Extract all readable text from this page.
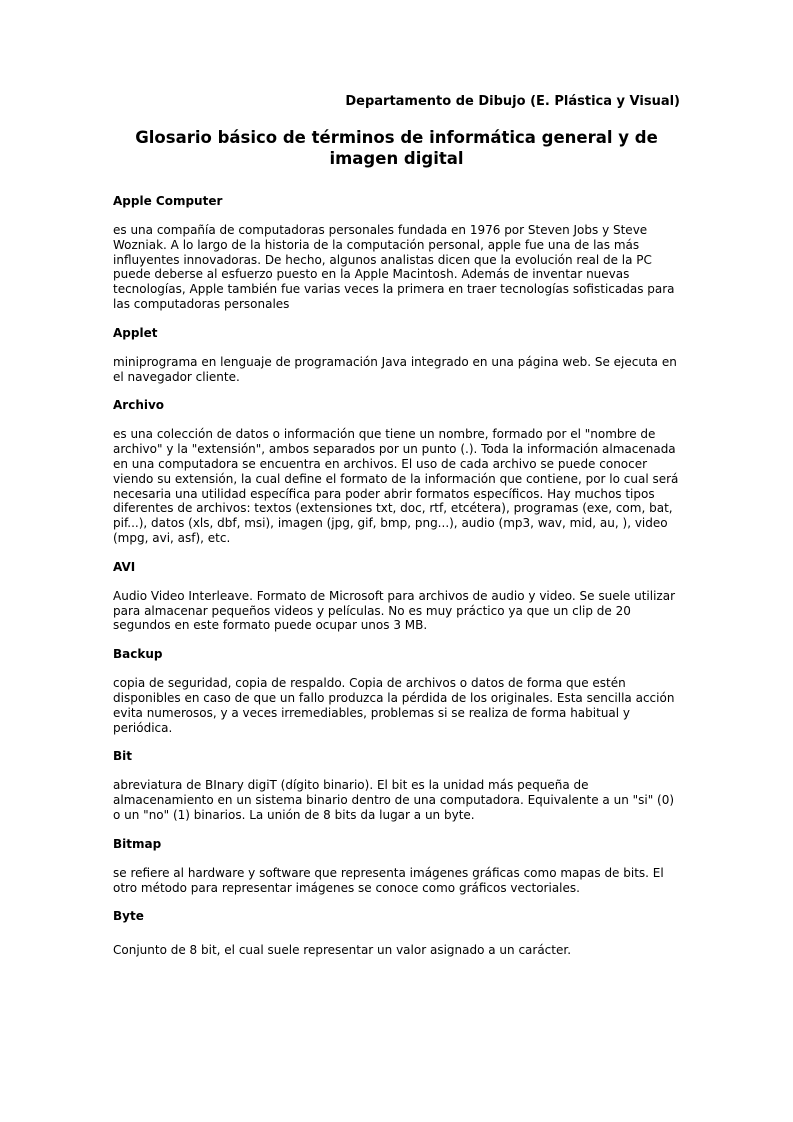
Departamento de Dibujo (E. Plástica y Visual)

Glosario básico de términos de informática general y de imagen digital

Apple Computer

es una compañía de computadoras personales fundada en 1976 por Steven Jobs y Steve Wozniak. A lo largo de la historia de la computación personal, apple fue una de las más influyentes innovadoras. De hecho, algunos analistas dicen que la evolución real de la PC puede deberse al esfuerzo puesto en la Apple Macintosh. Además de inventar nuevas tecnologías, Apple también fue varias veces la primera en traer tecnologías sofisticadas para las computadoras personales

Applet

miniprograma en lenguaje de programación Java integrado en una página web. Se ejecuta en el navegador cliente.

Archivo

es una colección de datos o información que tiene un nombre, formado por el "nombre de archivo" y la "extensión", ambos separados por un punto (.). Toda la información almacenada en una computadora se encuentra en archivos. El uso de cada archivo se puede conocer viendo su extensión, la cual define el formato de la información que contiene, por lo cual será necesaria una utilidad específica para poder abrir formatos específicos. Hay muchos tipos diferentes de archivos: textos (extensiones txt, doc, rtf, etcétera), programas (exe, com, bat, pif...), datos (xls, dbf, msi), imagen (jpg, gif, bmp, png...), audio (mp3, wav, mid, au, ), video (mpg, avi, asf), etc.

AVI

Audio Video Interleave. Formato de Microsoft para archivos de audio y video. Se suele utilizar para almacenar pequeños videos y películas. No es muy práctico ya que un clip de 20 segundos en este formato puede ocupar unos 3 MB.

Backup

copia de seguridad, copia de respaldo. Copia de archivos o datos de forma que estén disponibles en caso de que un fallo produzca la pérdida de los originales. Esta sencilla acción evita numerosos, y a veces irremediables, problemas si se realiza de forma habitual y periódica.

Bit

abreviatura de BInary digiT (dígito binario). El bit es la unidad más pequeña de almacenamiento en un sistema binario dentro de una computadora. Equivalente a un "si" (0) o un "no" (1) binarios. La unión de 8 bits da lugar a un byte.

Bitmap

se refiere al hardware y software que representa imágenes gráficas como mapas de bits. El otro método para representar imágenes se conoce como gráficos vectoriales.

Byte

Conjunto de 8 bit, el cual suele representar un valor asignado a un carácter.
